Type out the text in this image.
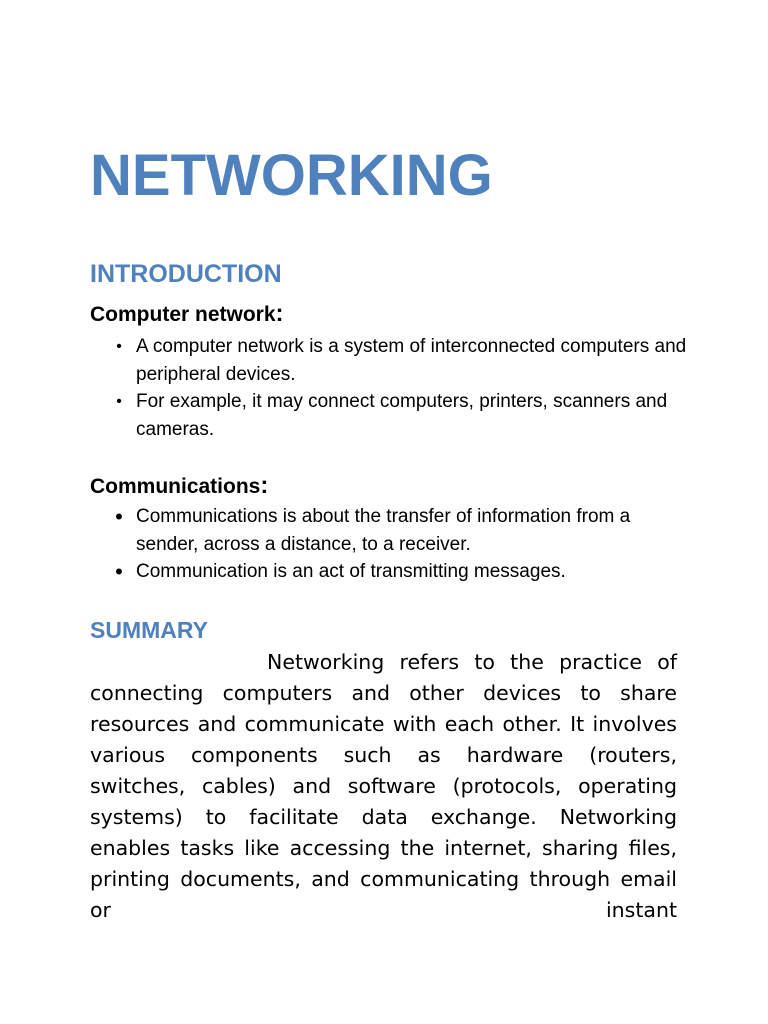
NETWORKING
INTRODUCTION
Computer network:
• A computer network is a system of interconnected computers and peripheral devices.
• For example, it may connect computers, printers, scanners and cameras.
Communications:
• Communications is about the transfer of information from a sender, across a distance, to a receiver.
• Communication is an act of transmitting messages.
SUMMARY

Networking refers to the practice of connecting computers and other devices to share resources and communicate with each other. It involves various components such as hardware (routers, switches, cables) and software (protocols, operating systems) to facilitate data exchange. Networking enables tasks like accessing the internet, sharing files, printing documents, and communicating through email or instant
